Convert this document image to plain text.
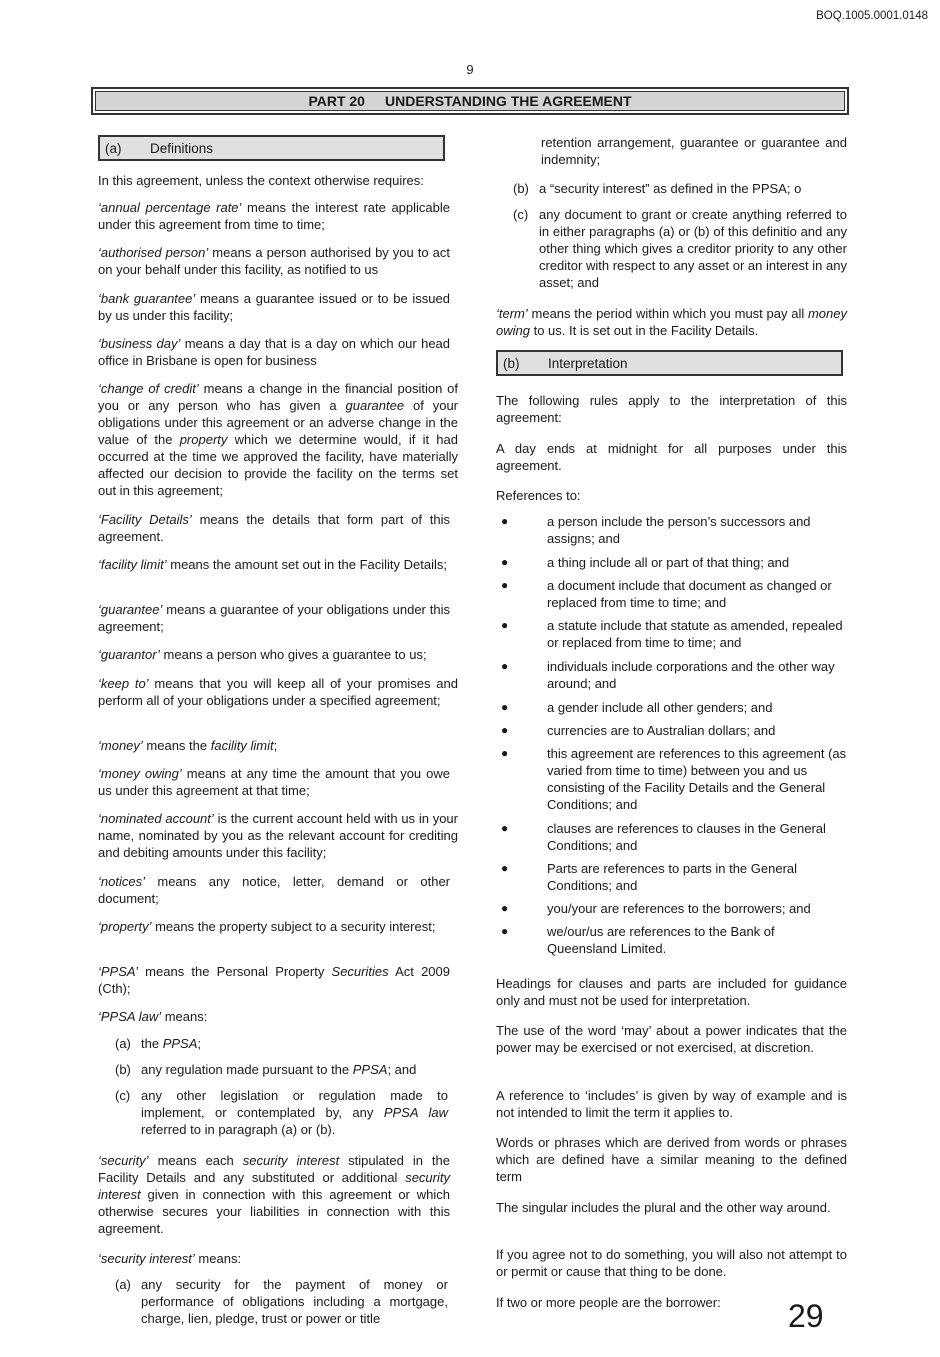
BOQ.1005.0001.0148
9
PART 20 UNDERSTANDING THE AGREEMENT
(a)	Definitions

In this agreement, unless the context otherwise requires:

‘annual percentage rate’ means the interest rate applicable under this agreement from time to time;

‘authorised person’ means a person authorised by you to act on your behalf under this facility, as notified to us

‘bank guarantee’ means a guarantee issued or to be issued by us under this facility;

‘business day’ means a day that is a day on which our head office in Brisbane is open for business

‘change of credit’ means a change in the financial position of you or any person who has given a guarantee of your obligations under this agreement or an adverse change in the value of the property which we determine would, if it had occurred at the time we approved the facility, have materially affected our decision to provide the facility on the terms set out in this agreement;

‘Facility Details’ means the details that form part of this agreement.

‘facility limit’ means the amount set out in the Facility Details;

‘guarantee’ means a guarantee of your obligations under this agreement;

‘guarantor’ means a person who gives a guarantee to us;

‘keep to’ means that you will keep all of your promises and perform all of your obligations under a specified agreement;

‘money’ means the facility limit;

‘money owing’ means at any time the amount that you owe us under this agreement at that time;

‘nominated account’ is the current account held with us in your name, nominated by you as the relevant account for crediting and debiting amounts under this facility;

‘notices’ means any notice, letter, demand or other document;

‘property’ means the property subject to a security interest;

‘PPSA’ means the Personal Property Securities Act 2009 (Cth);

‘PPSA law’ means:

(a) the PPSA;
(b) any regulation made pursuant to the PPSA; and
(c) any other legislation or regulation made to implement, or contemplated by, any PPSA law referred to in paragraph (a) or (b).

‘security’ means each security interest stipulated in the Facility Details and any substituted or additional security interest given in connection with this agreement or which otherwise secures your liabilities in connection with this agreement.

‘security interest’ means:

(a) any security for the payment of money or performance of obligations including a mortgage, charge, lien, pledge, trust or power or title

retention arrangement, guarantee or guarantee and indemnity;

(b) a “security interest” as defined in the PPSA; o
(c) any document to grant or create anything referred to in either paragraphs (a) or (b) of this definitio and any other thing which gives a creditor priority to any other creditor with respect to any asset or an interest in any asset; and

‘term’ means the period within which you must pay all money owing to us. It is set out in the Facility Details.

(b)	Interpretation

The following rules apply to the interpretation of this agreement:

A day ends at midnight for all purposes under this agreement.

References to:

●	a person include the person’s successors and assigns; and
●	a thing include all or part of that thing; and
●	a document include that document as changed or replaced from time to time; and
●	a statute include that statute as amended, repealed or replaced from time to time; and
●	individuals include corporations and the other way around; and
●	a gender include all other genders; and
●	currencies are to Australian dollars; and
●	this agreement are references to this agreement (as varied from time to time) between you and us consisting of the Facility Details and the General Conditions; and
●	clauses are references to clauses in the General Conditions; and
●	Parts are references to parts in the General Conditions; and
●	you/your are references to the borrowers; and
●	we/our/us are references to the Bank of Queensland Limited.

Headings for clauses and parts are included for guidance only and must not be used for interpretation.

The use of the word ‘may’ about a power indicates that the power may be exercised or not exercised, at discretion.

A reference to ‘includes’ is given by way of example and is not intended to limit the term it applies to.

Words or phrases which are derived from words or phrases which are defined have a similar meaning to the defined term

The singular includes the plural and the other way around.

If you agree not to do something, you will also not attempt to or permit or cause that thing to be done.

If two or more people are the borrower:	29
